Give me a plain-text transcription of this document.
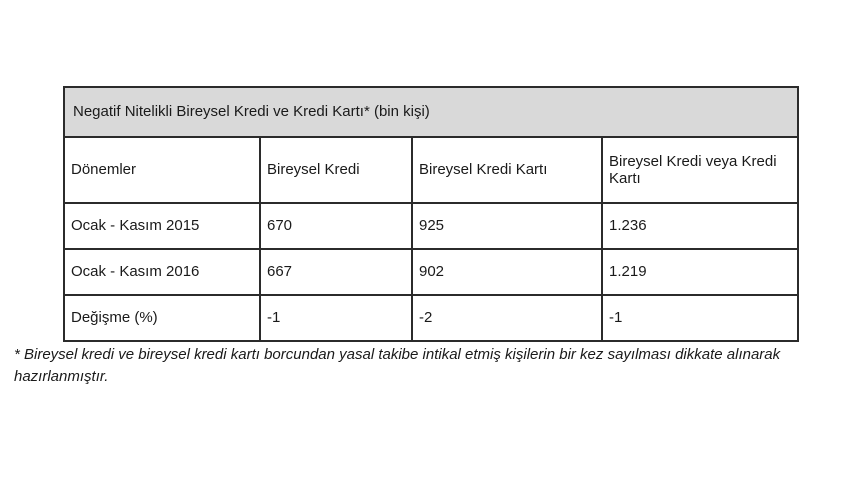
Negatif Nitelikli Bireysel Kredi ve Kredi Kartı* (bin kişi)			
Dönemler	Bireysel Kredi	Bireysel Kredi Kartı	Bireysel Kredi veya Kredi Kartı
Ocak - Kasım 2015	670	925	1.236
Ocak - Kasım 2016	667	902	1.219
Değişme (%)	-1	-2	-1
* Bireysel kredi ve bireysel kredi kartı borcundan yasal takibe intikal etmiş kişilerin bir kez sayılması dikkate alınarak hazırlanmıştır.
